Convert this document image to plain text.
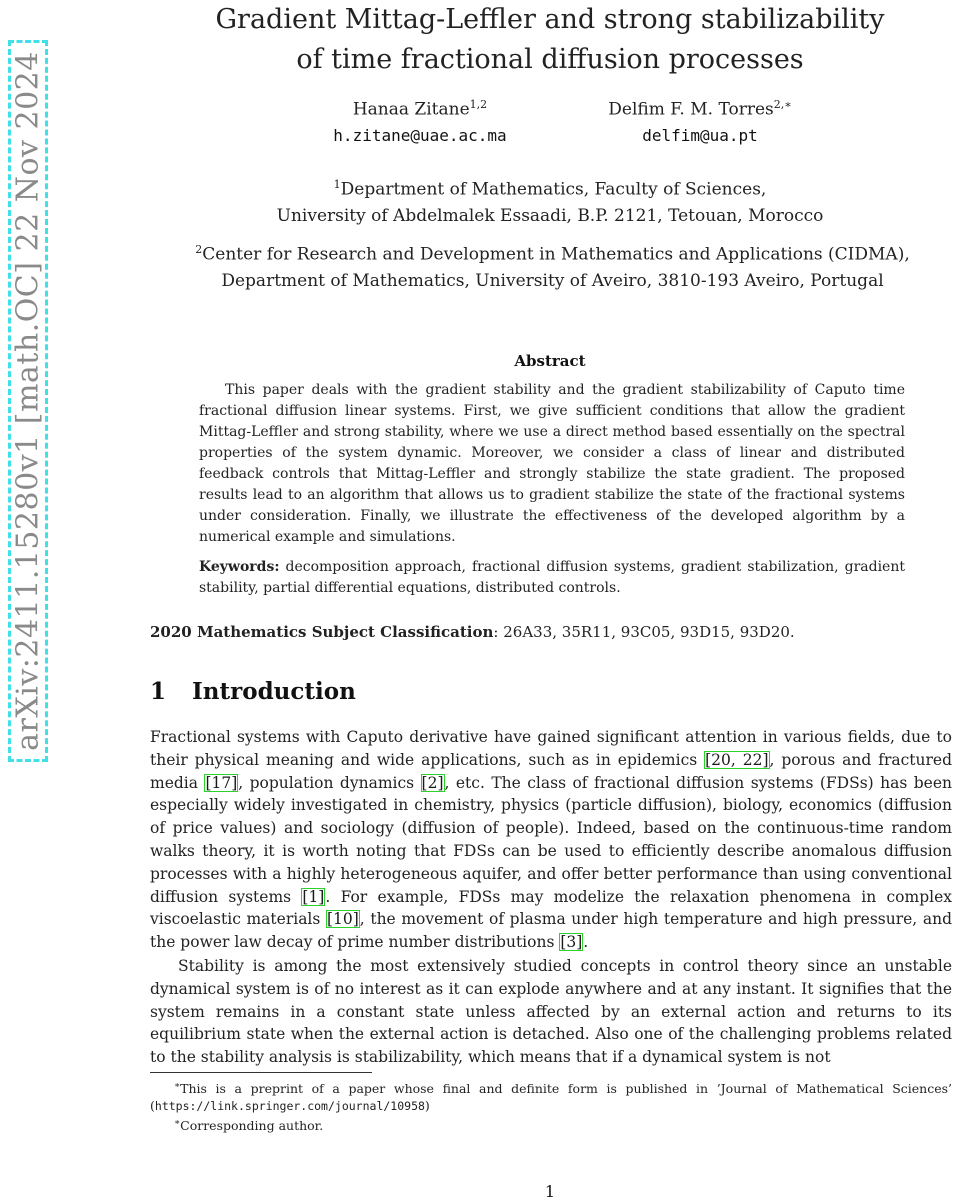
arXiv:2411.15280v1 [math.OC] 22 Nov 2024
Gradient Mittag-Leffler and strong stabilizability
of time fractional diffusion processes
Hanaa Zitane$^{1,2}$
h.zitane@uae.ac.ma
Delfim F. M. Torres$^{2,∗}$
delfim@ua.pt
$^1$Department of Mathematics, Faculty of Sciences,
University of Abdelmalek Essaadi, B.P. 2121, Tetouan, Morocco
$^2$Center for Research and Development in Mathematics and Applications (CIDMA),
Department of Mathematics, University of Aveiro, 3810-193 Aveiro, Portugal
Abstract
This paper deals with the gradient stability and the gradient stabilizability of Caputo time fractional diffusion linear systems. First, we give sufficient conditions that allow the gradient Mittag-Leffler and strong stability, where we use a direct method based essentially on the spectral properties of the system dynamic. Moreover, we consider a class of linear and distributed feedback controls that Mittag-Leffler and strongly stabilize the state gradient. The proposed results lead to an algorithm that allows us to gradient stabilize the state of the fractional systems under consideration. Finally, we illustrate the effectiveness of the developed algorithm by a numerical example and simulations.
Keywords: decomposition approach, fractional diffusion systems, gradient stabilization, gradient stability, partial differential equations, distributed controls.
2020 Mathematics Subject Classification: 26A33, 35R11, 93C05, 93D15, 93D20.
1 Introduction
Fractional systems with Caputo derivative have gained significant attention in various fields, due to their physical meaning and wide applications, such as in epidemics [20, 22], porous and fractured media [17], population dynamics [2], etc. The class of fractional diffusion systems (FDSs) has been especially widely investigated in chemistry, physics (particle diffusion), biology, economics (diffusion of price values) and sociology (diffusion of people). Indeed, based on the continuous-time random walks theory, it is worth noting that FDSs can be used to efficiently describe anomalous diffusion processes with a highly heterogeneous aquifer, and offer better performance than using conventional diffusion systems [1]. For example, FDSs may modelize the relaxation phenomena in complex viscoelastic materials [10], the movement of plasma under high temperature and high pressure, and the power law decay of prime number distributions [3].
Stability is among the most extensively studied concepts in control theory since an unstable dynamical system is of no interest as it can explode anywhere and at any instant. It signifies that the system remains in a constant state unless affected by an external action and returns to its equilibrium state when the external action is detached. Also one of the challenging problems related to the stability analysis is stabilizability, which means that if a dynamical system is not
∗This is a preprint of a paper whose final and definite form is published in ’Journal of Mathematical Sciences’ (https://link.springer.com/journal/10958)
∗Corresponding author.
1
